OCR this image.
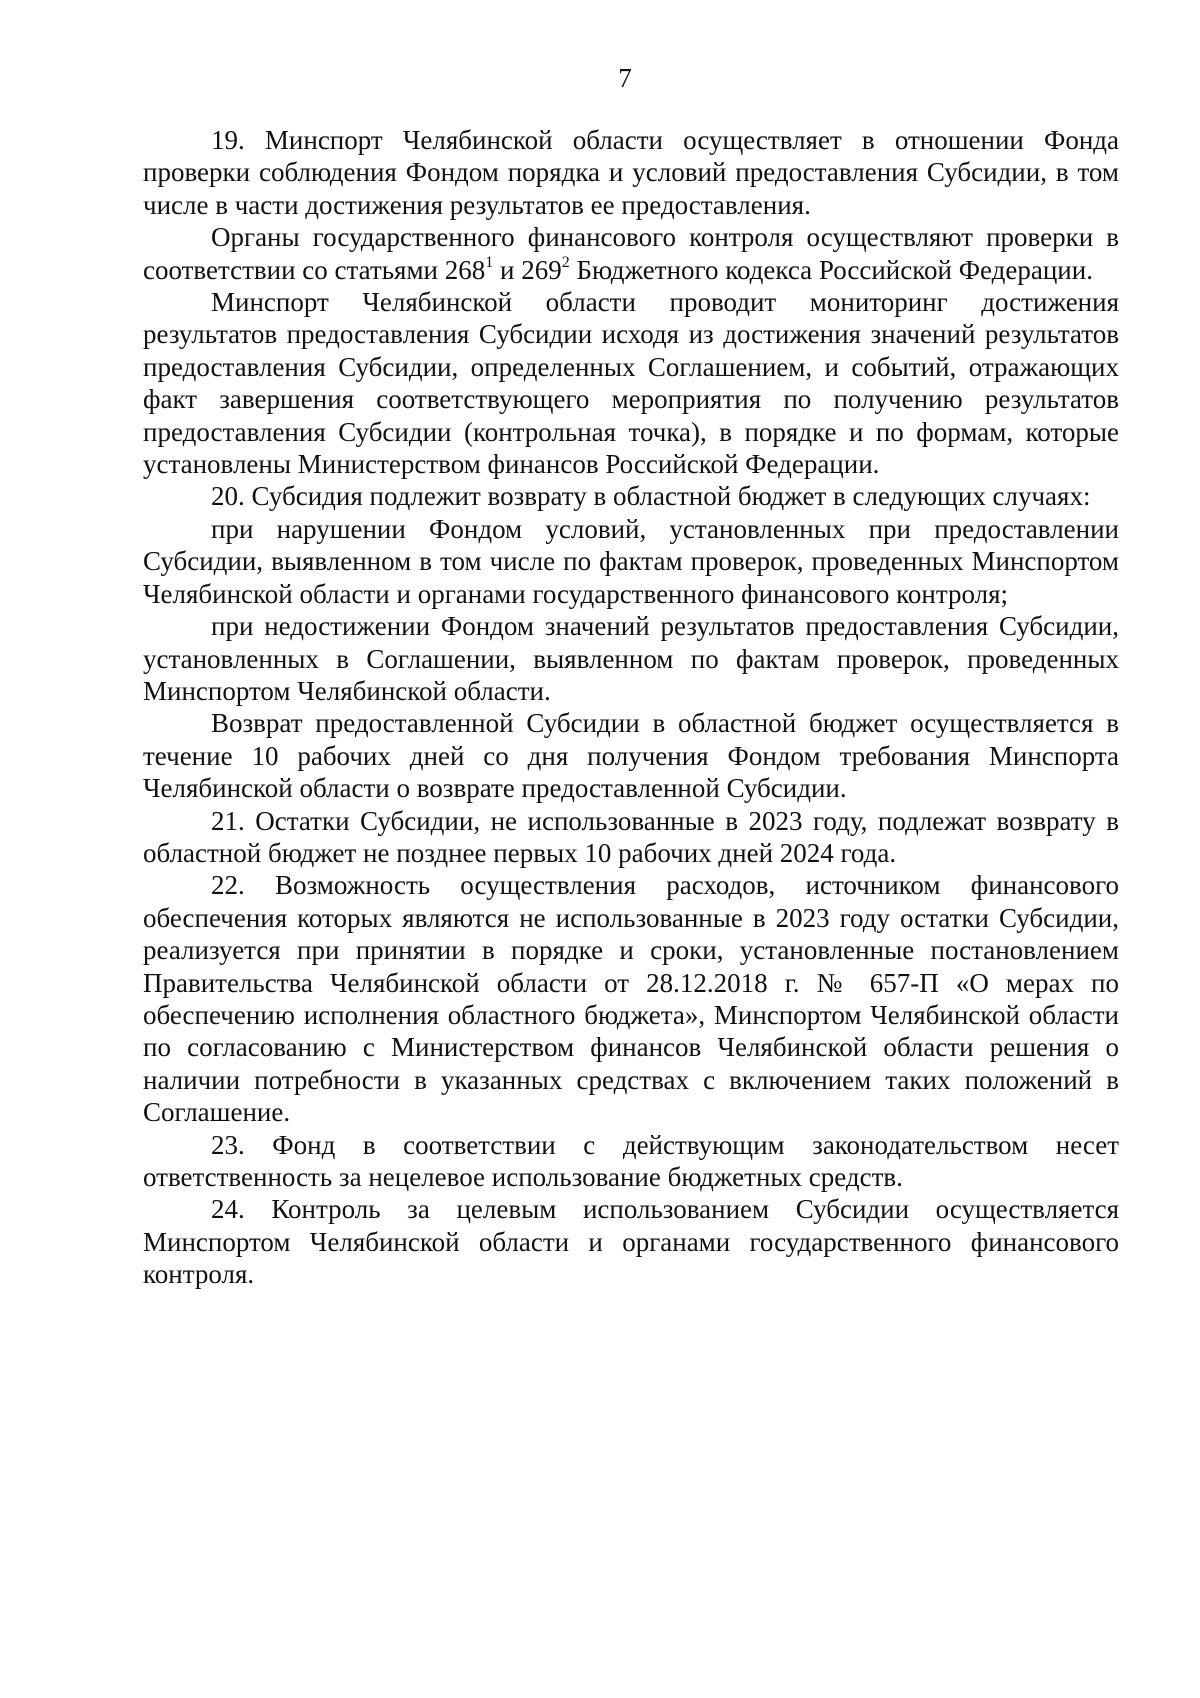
7

19. Минспорт Челябинской области осуществляет в отношении Фонда проверки соблюдения Фондом порядка и условий предоставления Субсидии, в том числе в части достижения результатов ее предоставления.

Органы государственного финансового контроля осуществляют проверки в соответствии со статьями $268^1$ и $269^2$ Бюджетного кодекса Российской Федерации.

Минспорт Челябинской области проводит мониторинг достижения результатов предоставления Субсидии исходя из достижения значений результатов предоставления Субсидии, определенных Соглашением, и событий, отражающих факт завершения соответствующего мероприятия по получению результатов предоставления Субсидии (контрольная точка), в порядке и по формам, которые установлены Министерством финансов Российской Федерации.

20. Субсидия подлежит возврату в областной бюджет в следующих случаях:

при нарушении Фондом условий, установленных при предоставлении Субсидии, выявленном в том числе по фактам проверок, проведенных Минспортом Челябинской области и органами государственного финансового контроля;

при недостижении Фондом значений результатов предоставления Субсидии, установленных в Соглашении, выявленном по фактам проверок, проведенных Минспортом Челябинской области.

Возврат предоставленной Субсидии в областной бюджет осуществляется в течение 10 рабочих дней со дня получения Фондом требования Минспорта Челябинской области о возврате предоставленной Субсидии.

21. Остатки Субсидии, не использованные в 2023 году, подлежат возврату в областной бюджет не позднее первых 10 рабочих дней 2024 года.

22. Возможность осуществления расходов, источником финансового обеспечения которых являются не использованные в 2023 году остатки Субсидии, реализуется при принятии в порядке и сроки, установленные постановлением Правительства Челябинской области от 28.12.2018 г. № 657-П «О мерах по обеспечению исполнения областного бюджета», Минспортом Челябинской области по согласованию с Министерством финансов Челябинской области решения о наличии потребности в указанных средствах с включением таких положений в Соглашение.

23. Фонд в соответствии с действующим законодательством несет ответственность за нецелевое использование бюджетных средств.

24. Контроль за целевым использованием Субсидии осуществляется Минспортом Челябинской области и органами государственного финансового контроля.
